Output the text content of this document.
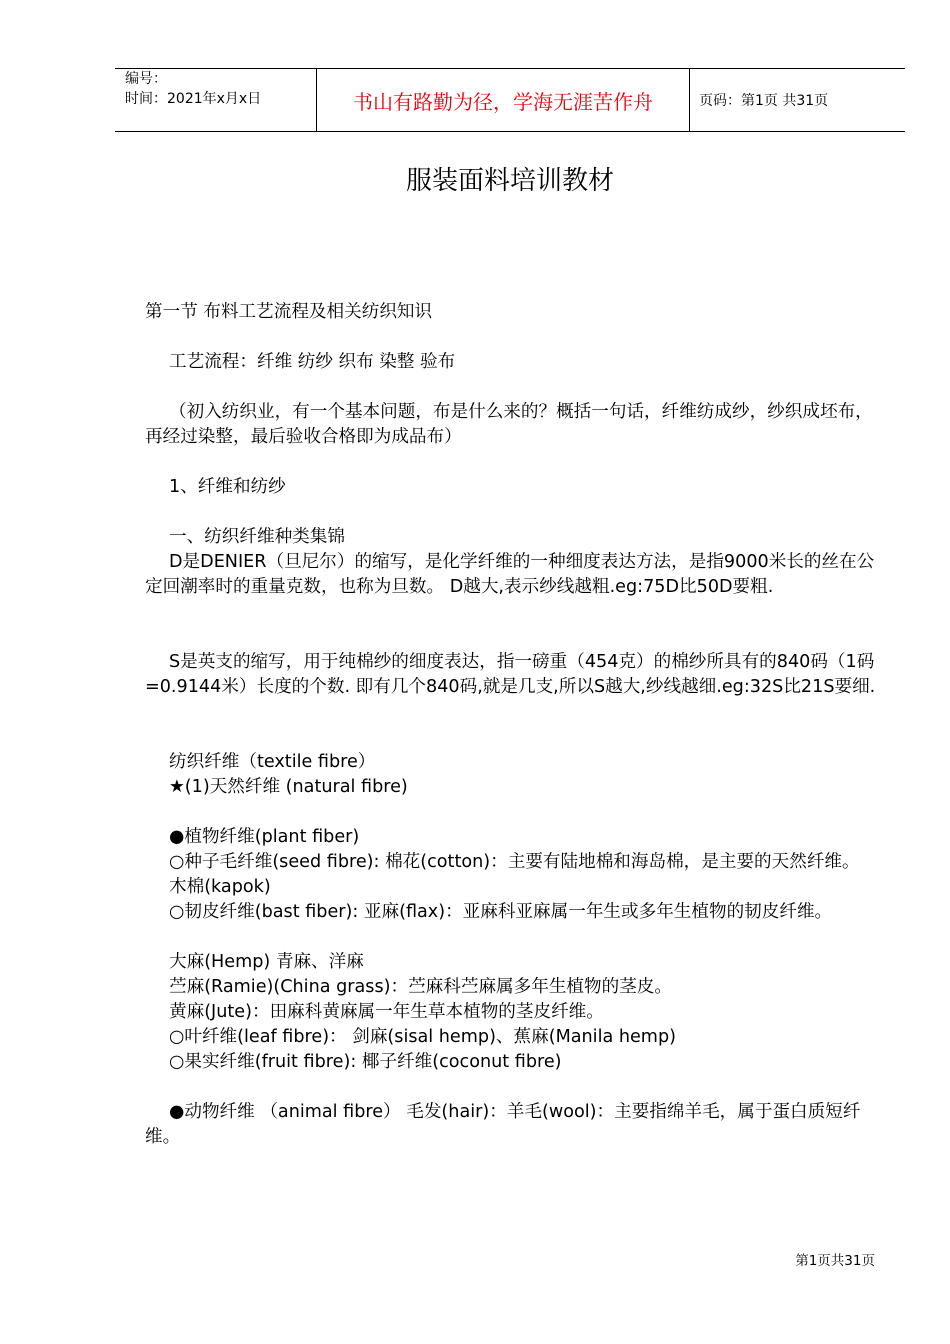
编号：
时间：2021年x月x日	书山有路勤为径，学海无涯苦作舟	页码：第1页 共31页
服装面料培训教材

第一节 布料工艺流程及相关纺织知识

工艺流程：纤维 纺纱 织布 染整 验布

（初入纺织业，有一个基本问题，布是什么来的？概括一句话，纤维纺成纱，纱织成坯布，再经过染整，最后验收合格即为成品布）

1、纤维和纺纱

一、纺织纤维种类集锦

D是DENIER（旦尼尔）的缩写，是化学纤维的一种细度表达方法，是指9000米长的丝在公定回潮率时的重量克数，也称为旦数。 D越大,表示纱线越粗.eg:75D比50D要粗.

S是英支的缩写，用于纯棉纱的细度表达，指一磅重（454克）的棉纱所具有的840码（1码=0.9144米）长度的个数. 即有几个840码,就是几支,所以S越大,纱线越细.eg:32S比21S要细.

纺织纤维（textile fibre）

★(1)天然纤维 (natural fibre)

●植物纤维(plant fiber)

○种子毛纤维(seed fibre): 棉花(cotton)：主要有陆地棉和海岛棉，是主要的天然纤维。

木棉(kapok)

○韧皮纤维(bast fiber): 亚麻(flax)：亚麻科亚麻属一年生或多年生植物的韧皮纤维。

大麻(Hemp) 青麻、洋麻

苎麻(Ramie)(China grass)：苎麻科苎麻属多年生植物的茎皮。

黄麻(Jute)：田麻科黄麻属一年生草本植物的茎皮纤维。

○叶纤维(leaf fibre)： 剑麻(sisal hemp)、蕉麻(Manila hemp)

○果实纤维(fruit fibre): 椰子纤维(coconut fibre)

●动物纤维 （animal fibre） 毛发(hair)：羊毛(wool)：主要指绵羊毛，属于蛋白质短纤维。

第1页共31页
